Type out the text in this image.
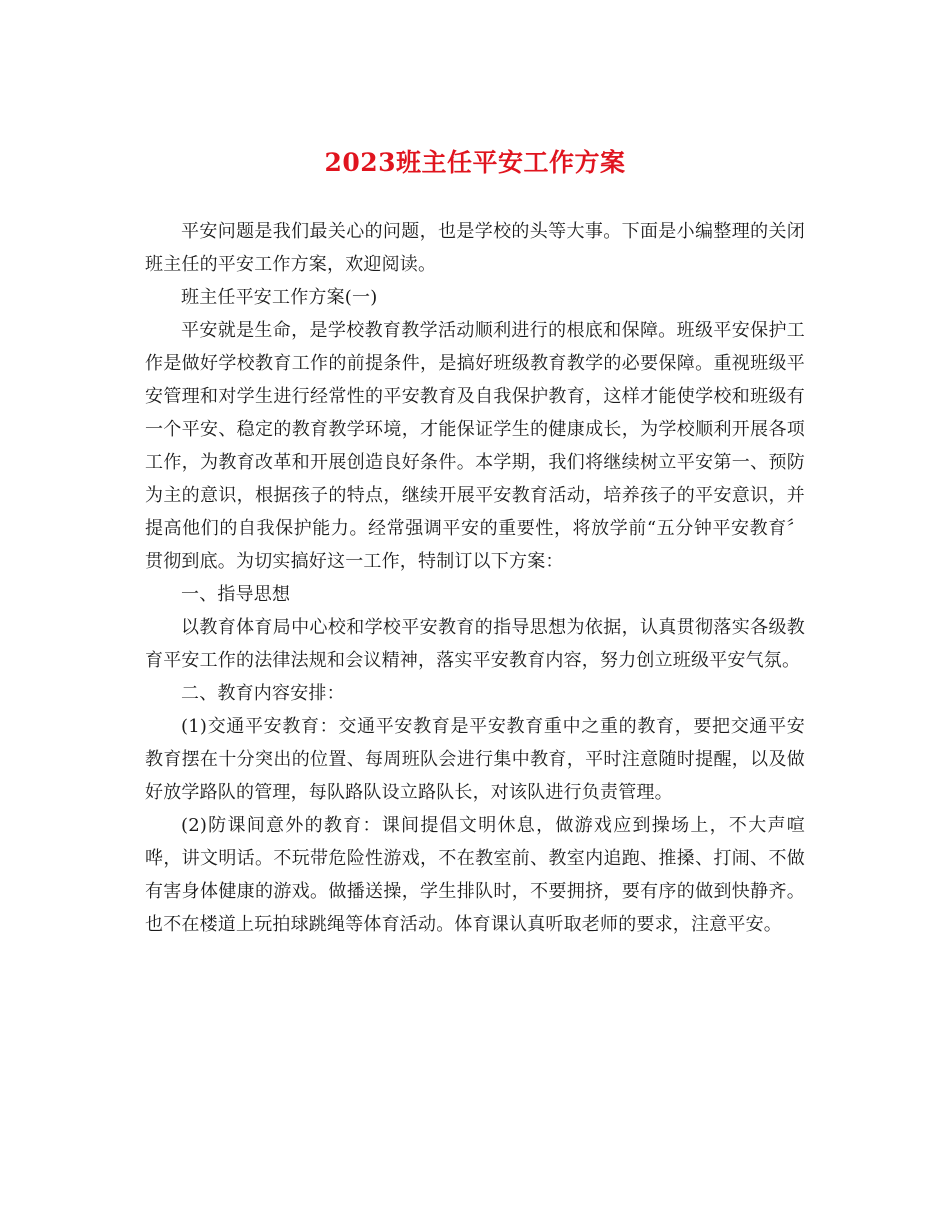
2023班主任平安工作方案

平安问题是我们最关心的问题，也是学校的头等大事。下面是小编整理的关闭班主任的平安工作方案，欢迎阅读。

班主任平安工作方案(一)

平安就是生命，是学校教育教学活动顺利进行的根底和保障。班级平安保护工作是做好学校教育工作的前提条件，是搞好班级教育教学的必要保障。重视班级平安管理和对学生进行经常性的平安教育及自我保护教育，这样才能使学校和班级有一个平安、稳定的教育教学环境，才能保证学生的健康成长，为学校顺利开展各项工作，为教育改革和开展创造良好条件。本学期，我们将继续树立平安第一、预防为主的意识，根据孩子的特点，继续开展平安教育活动，培养孩子的平安意识，并提高他们的自我保护能力。经常强调平安的重要性，将放学前“五分钟平安教育〞贯彻到底。为切实搞好这一工作，特制订以下方案：

一、指导思想

以教育体育局中心校和学校平安教育的指导思想为依据，认真贯彻落实各级教育平安工作的法律法规和会议精神，落实平安教育内容，努力创立班级平安气氛。

二、教育内容安排：

(1)交通平安教育：交通平安教育是平安教育重中之重的教育，要把交通平安教育摆在十分突出的位置、每周班队会进行集中教育，平时注意随时提醒，以及做好放学路队的管理，每队路队设立路队长，对该队进行负责管理。

(2)防课间意外的教育：课间提倡文明休息，做游戏应到操场上，不大声喧哗，讲文明话。不玩带危险性游戏，不在教室前、教室内追跑、推搡、打闹、不做有害身体健康的游戏。做播送操，学生排队时，不要拥挤，要有序的做到快静齐。也不在楼道上玩拍球跳绳等体育活动。体育课认真听取老师的要求，注意平安。
